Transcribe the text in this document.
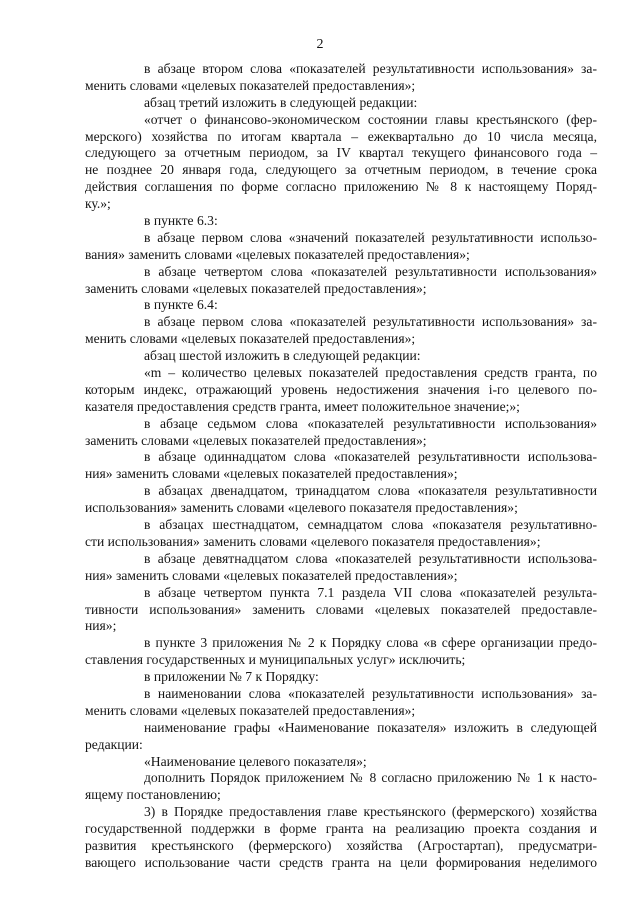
2
в абзаце втором слова «показателей результативности использования» за-
менить словами «целевых показателей предоставления»;
абзац третий изложить в следующей редакции:
«отчет о финансово-экономическом состоянии главы крестьянского (фер-
мерского) хозяйства по итогам квартала – ежеквартально до 10 числа месяца,
следующего за отчетным периодом, за IV квартал текущего финансового года –
не позднее 20 января года, следующего за отчетным периодом, в течение срока
действия соглашения по форме согласно приложению № 8 к настоящему Поряд-
ку.»;
в пункте 6.3:
в абзаце первом слова «значений показателей результативности использо-
вания» заменить словами «целевых показателей предоставления»;
в абзаце четвертом слова «показателей результативности использования»
заменить словами «целевых показателей предоставления»;
в пункте 6.4:
в абзаце первом слова «показателей результативности использования» за-
менить словами «целевых показателей предоставления»;
абзац шестой изложить в следующей редакции:
«m – количество целевых показателей предоставления средств гранта, по
которым индекс, отражающий уровень недостижения значения i-го целевого по-
казателя предоставления средств гранта, имеет положительное значение;»;
в абзаце седьмом слова «показателей результативности использования»
заменить словами «целевых показателей предоставления»;
в абзаце одиннадцатом слова «показателей результативности использова-
ния» заменить словами «целевых показателей предоставления»;
в абзацах двенадцатом, тринадцатом слова «показателя результативности
использования» заменить словами «целевого показателя предоставления»;
в абзацах шестнадцатом, семнадцатом слова «показателя результативно-
сти использования» заменить словами «целевого показателя предоставления»;
в абзаце девятнадцатом слова «показателей результативности использова-
ния» заменить словами «целевых показателей предоставления»;
в абзаце четвертом пункта 7.1 раздела VII слова «показателей результа-
тивности использования» заменить словами «целевых показателей предоставле-
ния»;
в пункте 3 приложения № 2 к Порядку слова «в сфере организации предо-
ставления государственных и муниципальных услуг» исключить;
в приложении № 7 к Порядку:
в наименовании слова «показателей результативности использования» за-
менить словами «целевых показателей предоставления»;
наименование графы «Наименование показателя» изложить в следующей
редакции:
«Наименование целевого показателя»;
дополнить Порядок приложением № 8 согласно приложению № 1 к насто-
ящему постановлению;
3) в Порядке предоставления главе крестьянского (фермерского) хозяйства
государственной поддержки в форме гранта на реализацию проекта создания и
развития крестьянского (фермерского) хозяйства (Агростартап), предусматри-
вающего использование части средств гранта на цели формирования неделимого
